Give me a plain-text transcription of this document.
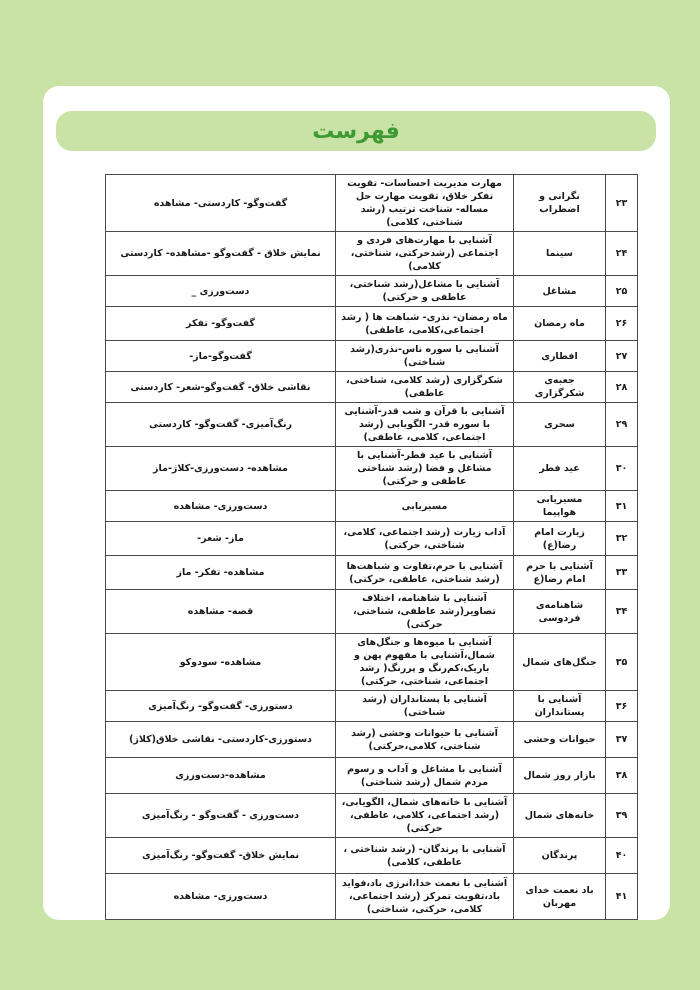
فهرست
۲۳	نگرانی و اضطراب	مهارت مدیریت احساسات- تقویت تفکر خلاق، تقویت مهارت حل مساله- شناخت ترتیب (رشد شناختی، کلامی)	گفت‌وگو- کاردستی- مشاهده
۲۴	سینما	آشنایی با مهارت‌های فردی و اجتماعی (رشدحرکتی، شناختی، کلامی)	نمایش خلاق - گفت‌وگو -مشاهده- کاردستی
۲۵	مشاغل	آشنایی با مشاغل(رشد شناختی، عاطفی و حرکتی)	دست‌ورزی _
۲۶	ماه رمضان	ماه رمضان- نذری- شباهت ها ( رشد اجتماعی،کلامی، عاطفی)	گفت‌وگو- تفکر
۲۷	افطاری	آشنایی با سوره ناس-نذری(رشد شناختی)	گفت‌وگو-ماز-
۲۸	جعبه‌ی شکرگزاری	شکرگزاری (رشد کلامی، شناختی، عاطفی)	نقاشی خلاق- گفت‌وگو-شعر- کاردستی
۲۹	سحری	آشنایی با قرآن و شب قدر-آشنایی با سوره قدر- الگویابی (رشد اجتماعی، کلامی، عاطفی)	رنگ‌آمیزی- گفت‌وگو- کاردستی
۳۰	عید فطر	آشنایی با عید فطر-آشنایی با مشاغل و فضا (رشد شناختی عاطفی و حرکتی)	مشاهده- دست‌ورزی-کلاژ-ماز
۳۱	مسیریابی هواپیما	مسیریابی	دست‌ورزی- مشاهده
۳۲	زیارت امام رضا(ع)	آداب زیارت (رشد اجتماعی، کلامی، شناختی، حرکتی)	ماز- شعر-
۳۳	آشنایی با حرم امام رضا(ع	آشنایی با حرم،تفاوت و شباهت‌ها (رشد شناختی، عاطفی، حرکتی)	مشاهده- تفکر- ماز
۳۴	شاهنامه‌ی فردوسی	آشنایی با شاهنامه، اختلاف تصاویر(رشد عاطفی، شناختی، حرکتی)	قصه- مشاهده
۳۵	جنگل‌های شمال	آشنایی با میوه‌ها و جنگل‌های شمال،آشنایی با مفهوم پهن و باریک،کم‌رنگ و پررنگ( رشد اجتماعی، شناختی، حرکتی)	مشاهده- سودوکو
۳۶	آشنایی با پستانداران	آشنایی با پستانداران (رشد شناختی)	دستورزی- گفت‌وگو- رنگ‌آمیزی
۳۷	حیوانات وحشی	آشنایی با حیوانات وحشی (رشد شناختی، کلامی،حرکتی)	دستورزی-کاردستی- نقاشی خلاق(کلاژ)
۳۸	بازار روز شمال	آشنایی با مشاغل و آداب و رسوم مردم شمال (رشد شناختی)	مشاهده-دست‌ورزی
۳۹	خانه‌های شمال	آشنایی با خانه‌های شمال، الگویابی، (رشد اجتماعی، کلامی، عاطفی، حرکتی)	دست‌ورزی - گفت‌وگو - رنگ‌آمیزی
۴۰	پرندگان	آشنایی با پرندگان- (رشد شناختی ، عاطفی، کلامی)	نمایش خلاق- گفت‌وگو- رنگ‌آمیزی
۴۱	باد نعمت خدای مهربان	آشنایی با نعمت خدا،انرژی باد،فواید باد،تقویت تمرکز (رشد اجتماعی، کلامی، حرکتی، شناختی)	دست‌ورزی- مشاهده
